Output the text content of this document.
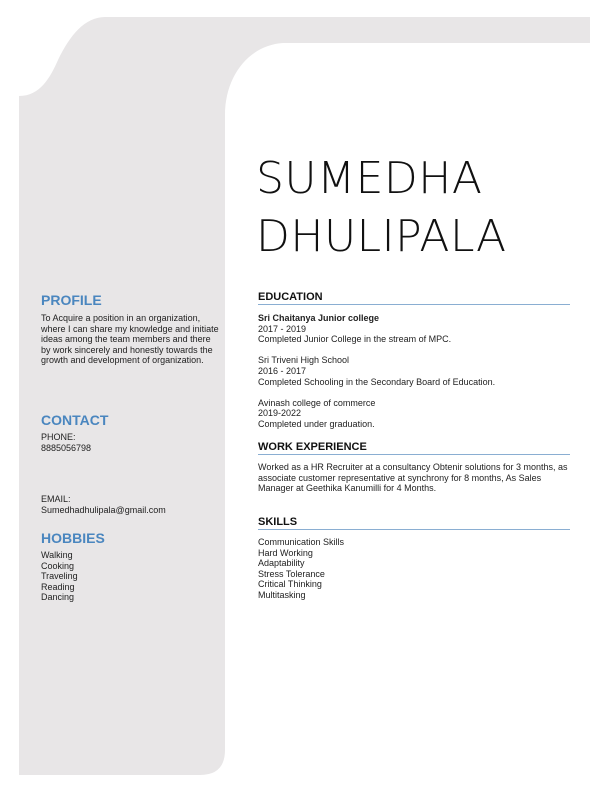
SUMEDHA
DHULIPALA
PROFILE
To Acquire a position in an organization, where I can share my knowledge and initiate ideas among the team members and there by work sincerely and honestly towards the growth and development of organization.
CONTACT
PHONE:
8885056798
EMAIL:
Sumedhadhulipala@gmail.com
HOBBIES
Walking
Cooking
Traveling
Reading
Dancing
EDUCATION
Sri Chaitanya Junior college
2017 - 2019
Completed Junior College in the stream of MPC.
Sri Triveni High School
2016 - 2017
Completed Schooling in the Secondary Board of Education.
Avinash college of commerce
2019-2022
Completed under graduation.
WORK EXPERIENCE
Worked as a HR Recruiter at a consultancy Obtenir solutions for 3 months, as associate customer representative at synchrony for 8 months, As Sales Manager at Geethika Kanumilli for 4 Months.
SKILLS
Communication Skills
Hard Working
Adaptability
Stress Tolerance
Critical Thinking
Multitasking
